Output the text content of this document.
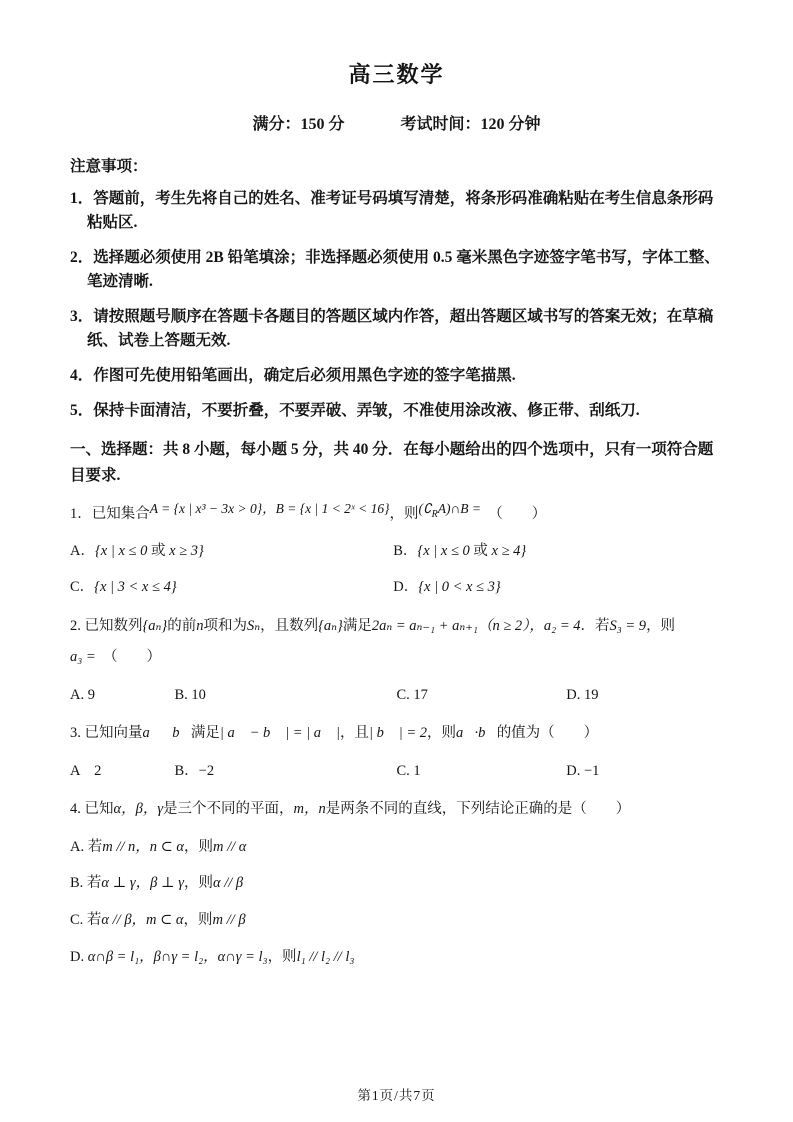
高三数学
满分：150 分	考试时间：120 分钟

注意事项：

1．答题前，考生先将自己的姓名、准考证号码填写清楚，将条形码准确粘贴在考生信息条形码粘贴区.

2．选择题必须使用 2B 铅笔填涂；非选择题必须使用 0.5 毫米黑色字迹签字笔书写，字体工整、笔迹清晰.

3．请按照题号顺序在答题卡各题目的答题区域内作答，超出答题区域书写的答案无效；在草稿纸、试卷上答题无效.

4．作图可先使用铅笔画出，确定后必须用黑色字迹的签字笔描黑.

5．保持卡面清洁，不要折叠，不要弄破、弄皱，不准使用涂改液、修正带、刮纸刀.

一、选择题：共 8 小题，每小题 5 分，共 40 分．在每小题给出的四个选项中，只有一项符合题目要求.

1．已知集合A = {x | x³ − 3x > 0}，B = {x | 1 < 2ˣ < 16}，则$(∁_RA)\cap B$ =　（　　）

A．{x | x ≤ 0 或 x ≥ 3}	B．{x | x ≤ 0 或 x ≥ 4}

C．{x | 3 < x ≤ 4}	D．{x | 0 < x ≤ 3}

2. 已知数列{aₙ}的前n项和为Sₙ，且数列{aₙ}满足2aₙ = aₙ₋₁ + aₙ₊₁（n ≥ 2），a₂ = 4．若S₃ = 9，则

a₃ =　（　　）

A. 9	B. 10	C. 17	D. 19

3. 已知向量a⃗，b⃗满足| a⃗ − b⃗ | = | a⃗ |，且| b⃗ | = 2，则a⃗·b⃗的值为（　　）

A　2	B．−2	C. 1	D. −1

4. 已知α，β，γ是三个不同的平面，m，n是两条不同的直线，下列结论正确的是（　　）

A. 若m // n，n ⊂ α，则m // α

B. 若α ⊥ γ，β ⊥ γ，则α // β

C. 若α // β，m ⊂ α，则m // β

D. α∩β = l₁，β∩γ = l₂，α∩γ = l₃，则l₁ // l₂ // l₃

第1页/共7页
